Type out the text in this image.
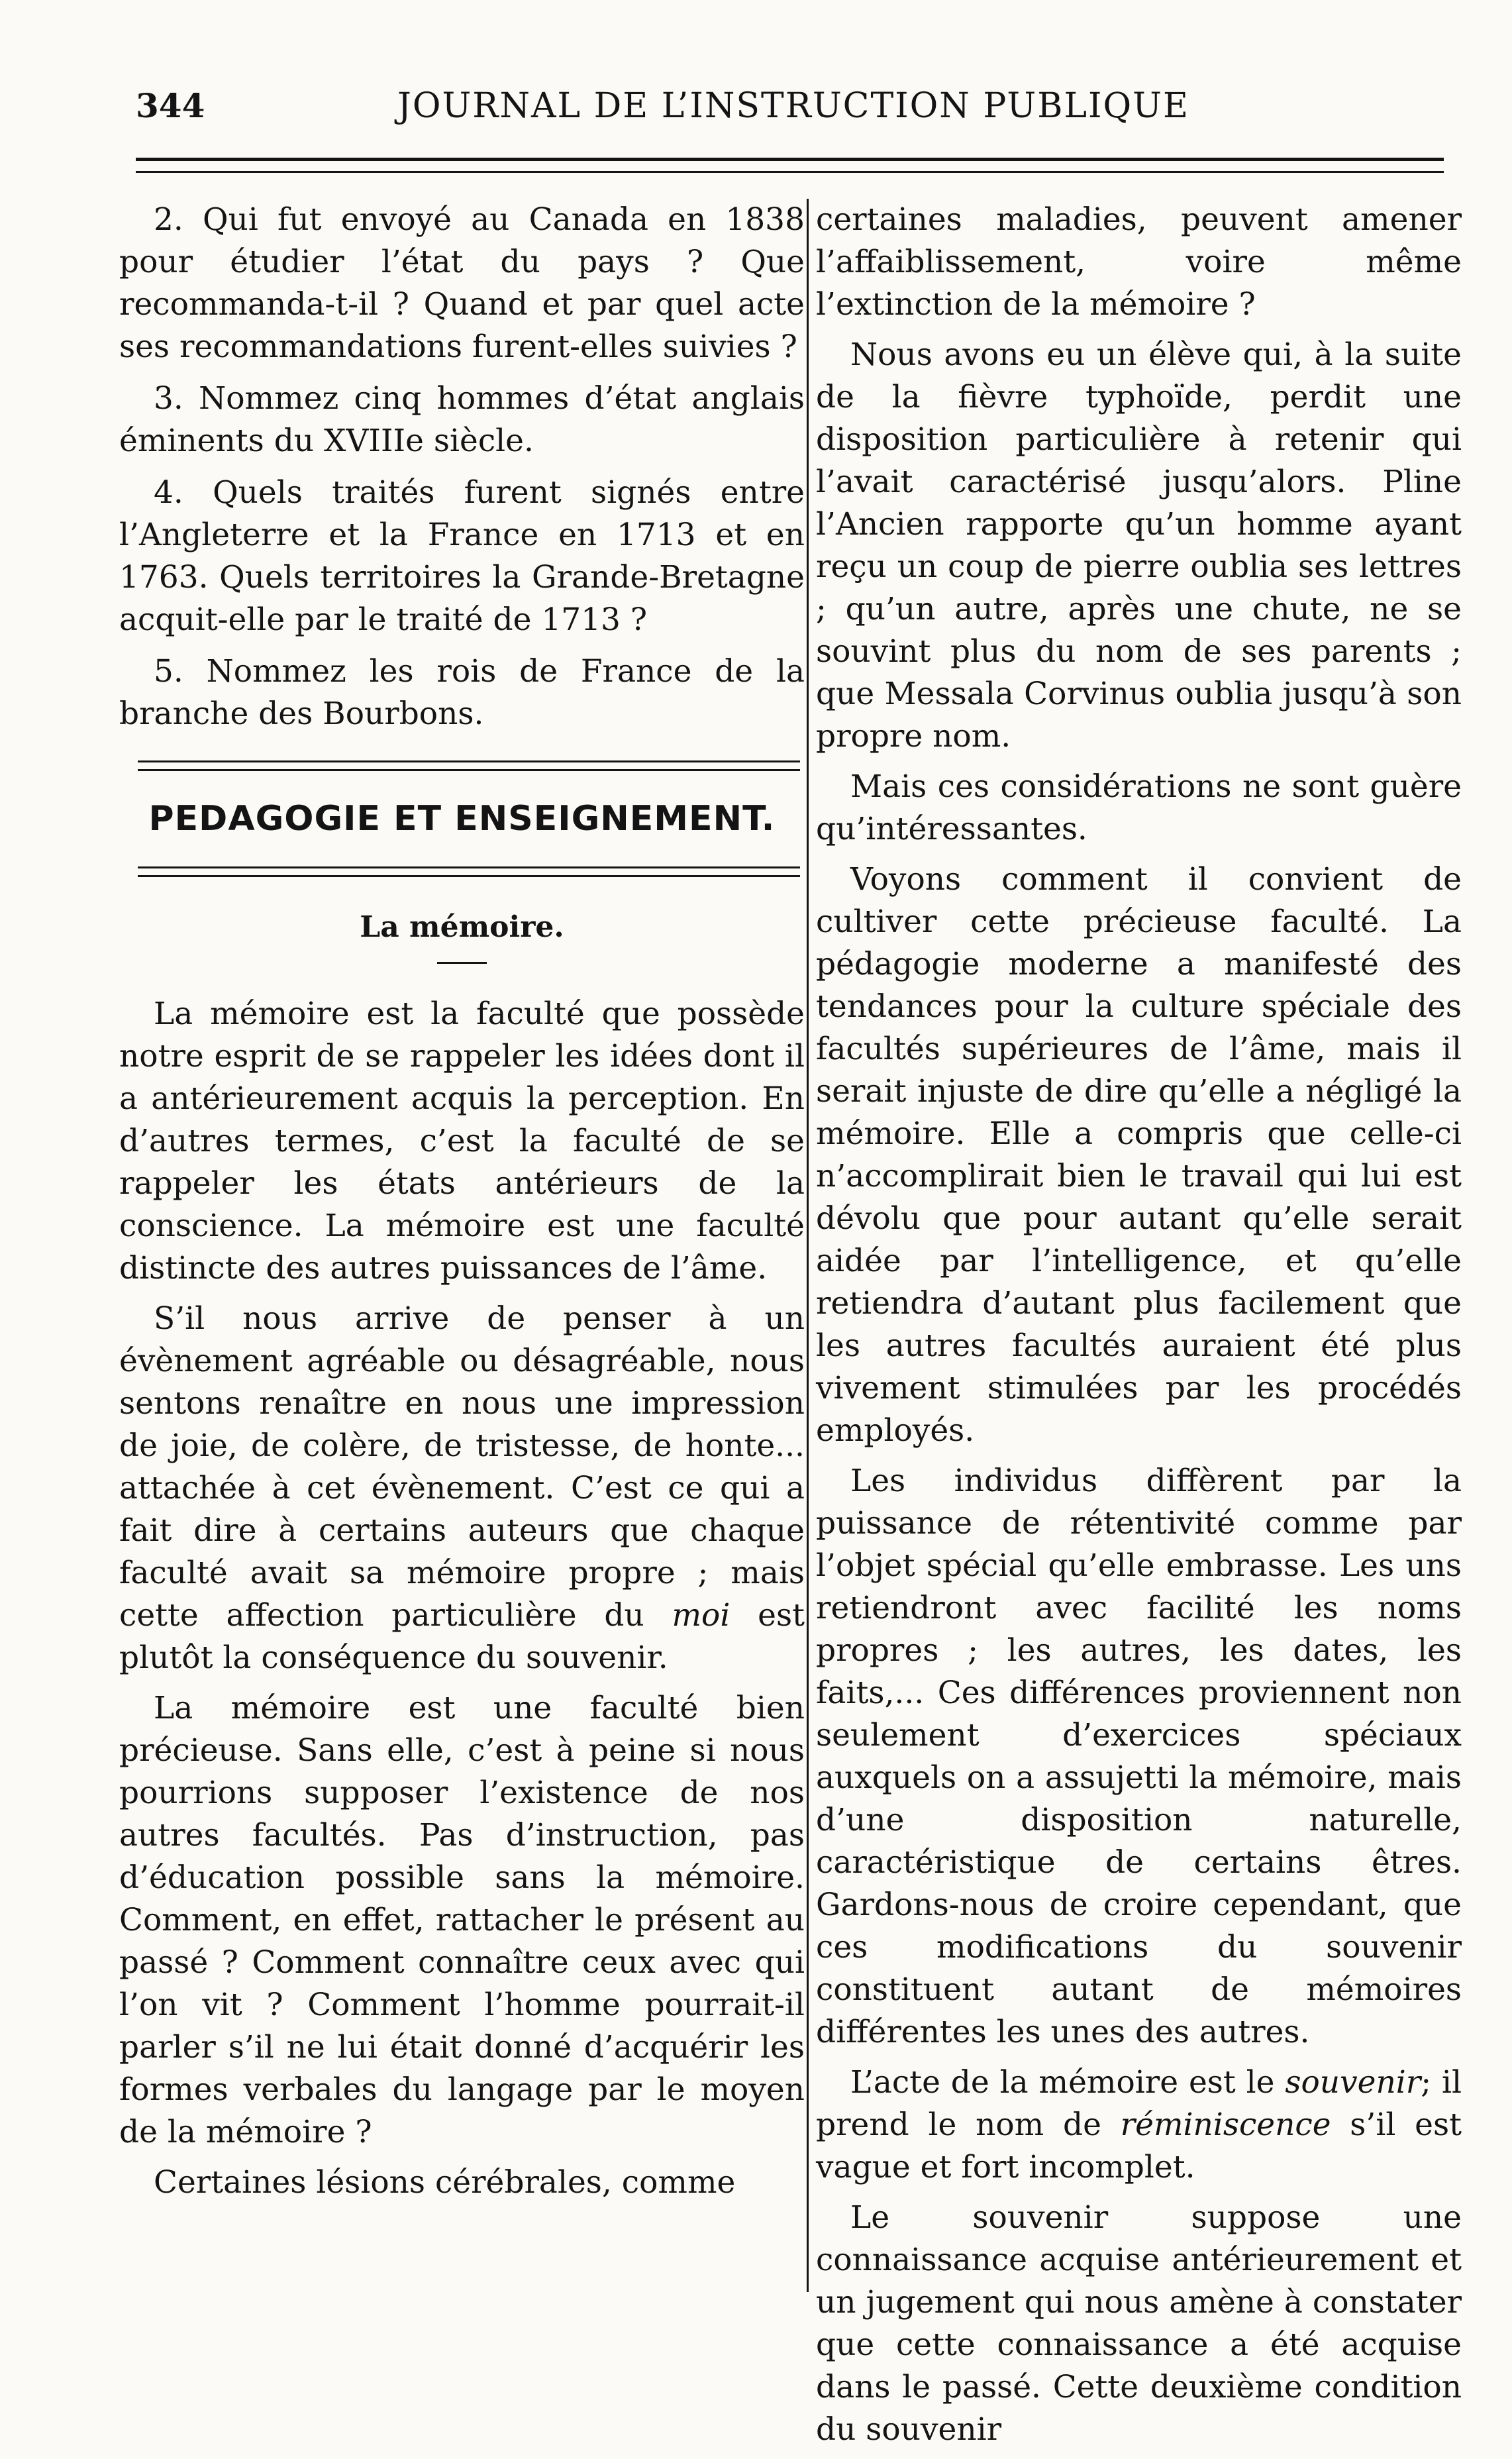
344	JOURNAL DE L’INSTRUCTION PUBLIQUE

2. Qui fut envoyé au Canada en 1838 pour étudier l’état du pays ? Que recommanda-t-il ? Quand et par quel acte ses recommandations furent-elles suivies ?

3. Nommez cinq hommes d’état anglais éminents du XVIIIe siècle.

4. Quels traités furent signés entre l’Angleterre et la France en 1713 et en 1763. Quels territoires la Grande-Bretagne acquit-elle par le traité de 1713 ?

5. Nommez les rois de France de la branche des Bourbons.

PEDAGOGIE ET ENSEIGNEMENT.
La mémoire.

La mémoire est la faculté que possède notre esprit de se rappeler les idées dont il a antérieurement acquis la perception. En d’autres termes, c’est la faculté de se rappeler les états antérieurs de la conscience. La mémoire est une faculté distincte des autres puissances de l’âme.

S’il nous arrive de penser à un évènement agréable ou désagréable, nous sentons renaître en nous une impression de joie, de colère, de tristesse, de honte... attachée à cet évènement. C’est ce qui a fait dire à certains auteurs que chaque faculté avait sa mémoire propre ; mais cette affection particulière du moi est plutôt la conséquence du souvenir.

La mémoire est une faculté bien précieuse. Sans elle, c’est à peine si nous pourrions supposer l’existence de nos autres facultés. Pas d’instruction, pas d’éducation possible sans la mémoire. Comment, en effet, rattacher le présent au passé ? Comment connaître ceux avec qui l’on vit ? Comment l’homme pourrait-il parler s’il ne lui était donné d’acquérir les formes verbales du langage par le moyen de la mémoire ?

Certaines lésions cérébrales, comme

certaines maladies, peuvent amener l’affaiblissement, voire même l’extinction de la mémoire ?

Nous avons eu un élève qui, à la suite de la fièvre typhoïde, perdit une disposition particulière à retenir qui l’avait caractérisé jusqu’alors. Pline l’Ancien rapporte qu’un homme ayant reçu un coup de pierre oublia ses lettres ; qu’un autre, après une chute, ne se souvint plus du nom de ses parents ; que Messala Corvinus oublia jusqu’à son propre nom.

Mais ces considérations ne sont guère qu’intéressantes.

Voyons comment il convient de cultiver cette précieuse faculté. La pédagogie moderne a manifesté des tendances pour la culture spéciale des facultés supérieures de l’âme, mais il serait injuste de dire qu’elle a négligé la mémoire. Elle a compris que celle-ci n’accomplirait bien le travail qui lui est dévolu que pour autant qu’elle serait aidée par l’intelligence, et qu’elle retiendra d’autant plus facilement que les autres facultés auraient été plus vivement stimulées par les procédés employés.

Les individus diffèrent par la puissance de rétentivité comme par l’objet spécial qu’elle embrasse. Les uns retiendront avec facilité les noms propres ; les autres, les dates, les faits,... Ces différences proviennent non seulement d’exercices spéciaux auxquels on a assujetti la mémoire, mais d’une disposition naturelle, caractéristique de certains êtres. Gardons-nous de croire cependant, que ces modifications du souvenir constituent autant de mémoires différentes les unes des autres.

L’acte de la mémoire est le souvenir; il prend le nom de réminiscence s’il est vague et fort incomplet.

Le souvenir suppose une connaissance acquise antérieurement et un jugement qui nous amène à constater que cette connaissance a été acquise dans le passé. Cette deuxième condition du souvenir
